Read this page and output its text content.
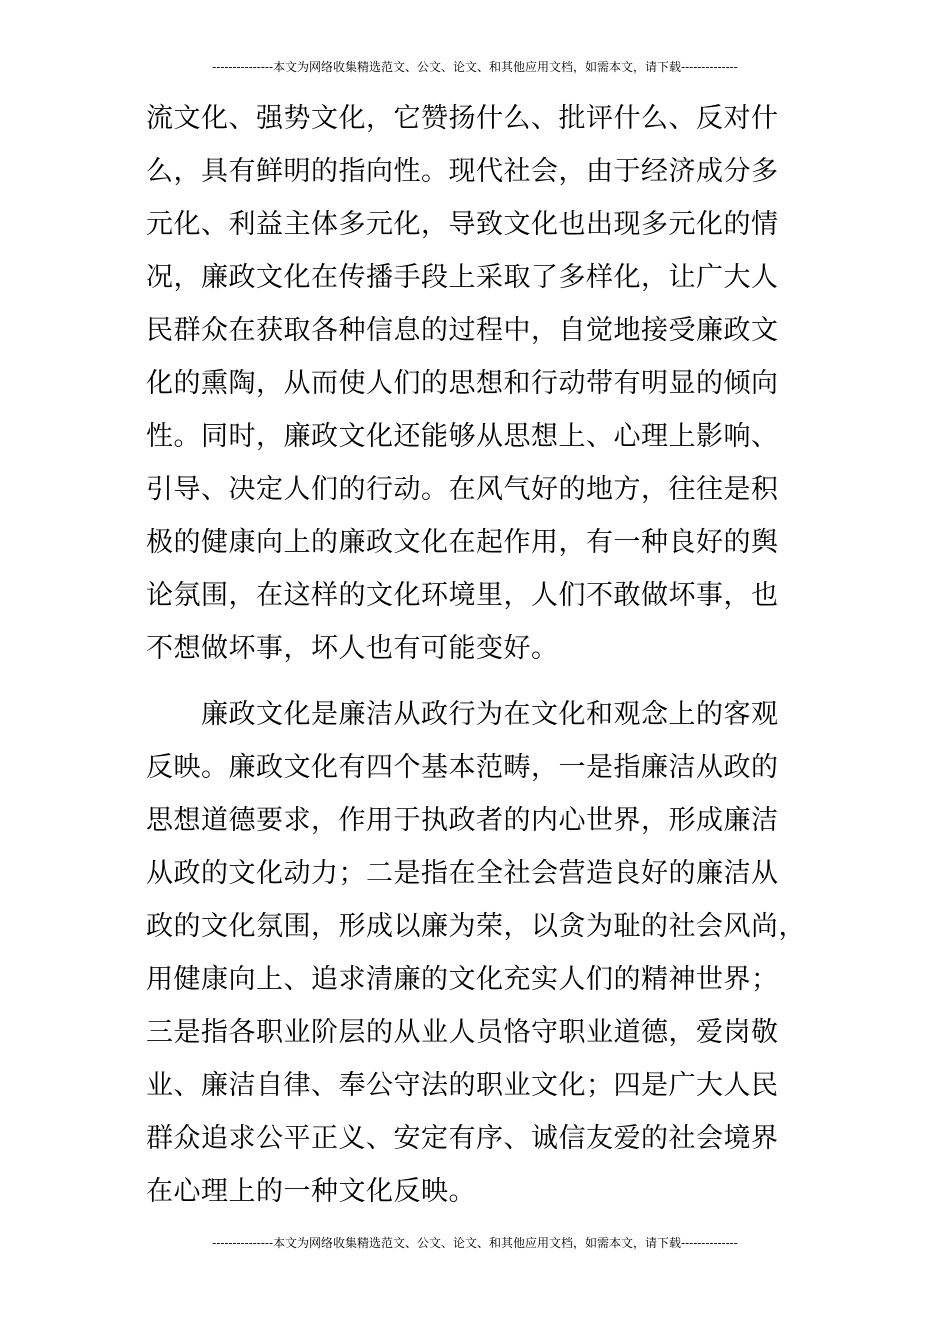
---------------本文为网络收集精选范文、公文、论文、和其他应用文档，如需本文，请下载--------------
流文化、强势文化，它赞扬什么、批评什么、反对什
么，具有鲜明的指向性。现代社会，由于经济成分多
元化、利益主体多元化，导致文化也出现多元化的情
况，廉政文化在传播手段上采取了多样化，让广大人
民群众在获取各种信息的过程中，自觉地接受廉政文
化的熏陶，从而使人们的思想和行动带有明显的倾向
性。同时，廉政文化还能够从思想上、心理上影响、
引导、决定人们的行动。在风气好的地方，往往是积
极的健康向上的廉政文化在起作用，有一种良好的舆
论氛围，在这样的文化环境里，人们不敢做坏事，也
不想做坏事，坏人也有可能变好。
　　廉政文化是廉洁从政行为在文化和观念上的客观
反映。廉政文化有四个基本范畴，一是指廉洁从政的
思想道德要求，作用于执政者的内心世界，形成廉洁
从政的文化动力；二是指在全社会营造良好的廉洁从
政的文化氛围，形成以廉为荣，以贪为耻的社会风尚，
用健康向上、追求清廉的文化充实人们的精神世界；
三是指各职业阶层的从业人员恪守职业道德，爱岗敬
业、廉洁自律、奉公守法的职业文化；四是广大人民
群众追求公平正义、安定有序、诚信友爱的社会境界
在心理上的一种文化反映。
---------------本文为网络收集精选范文、公文、论文、和其他应用文档，如需本文，请下载--------------
